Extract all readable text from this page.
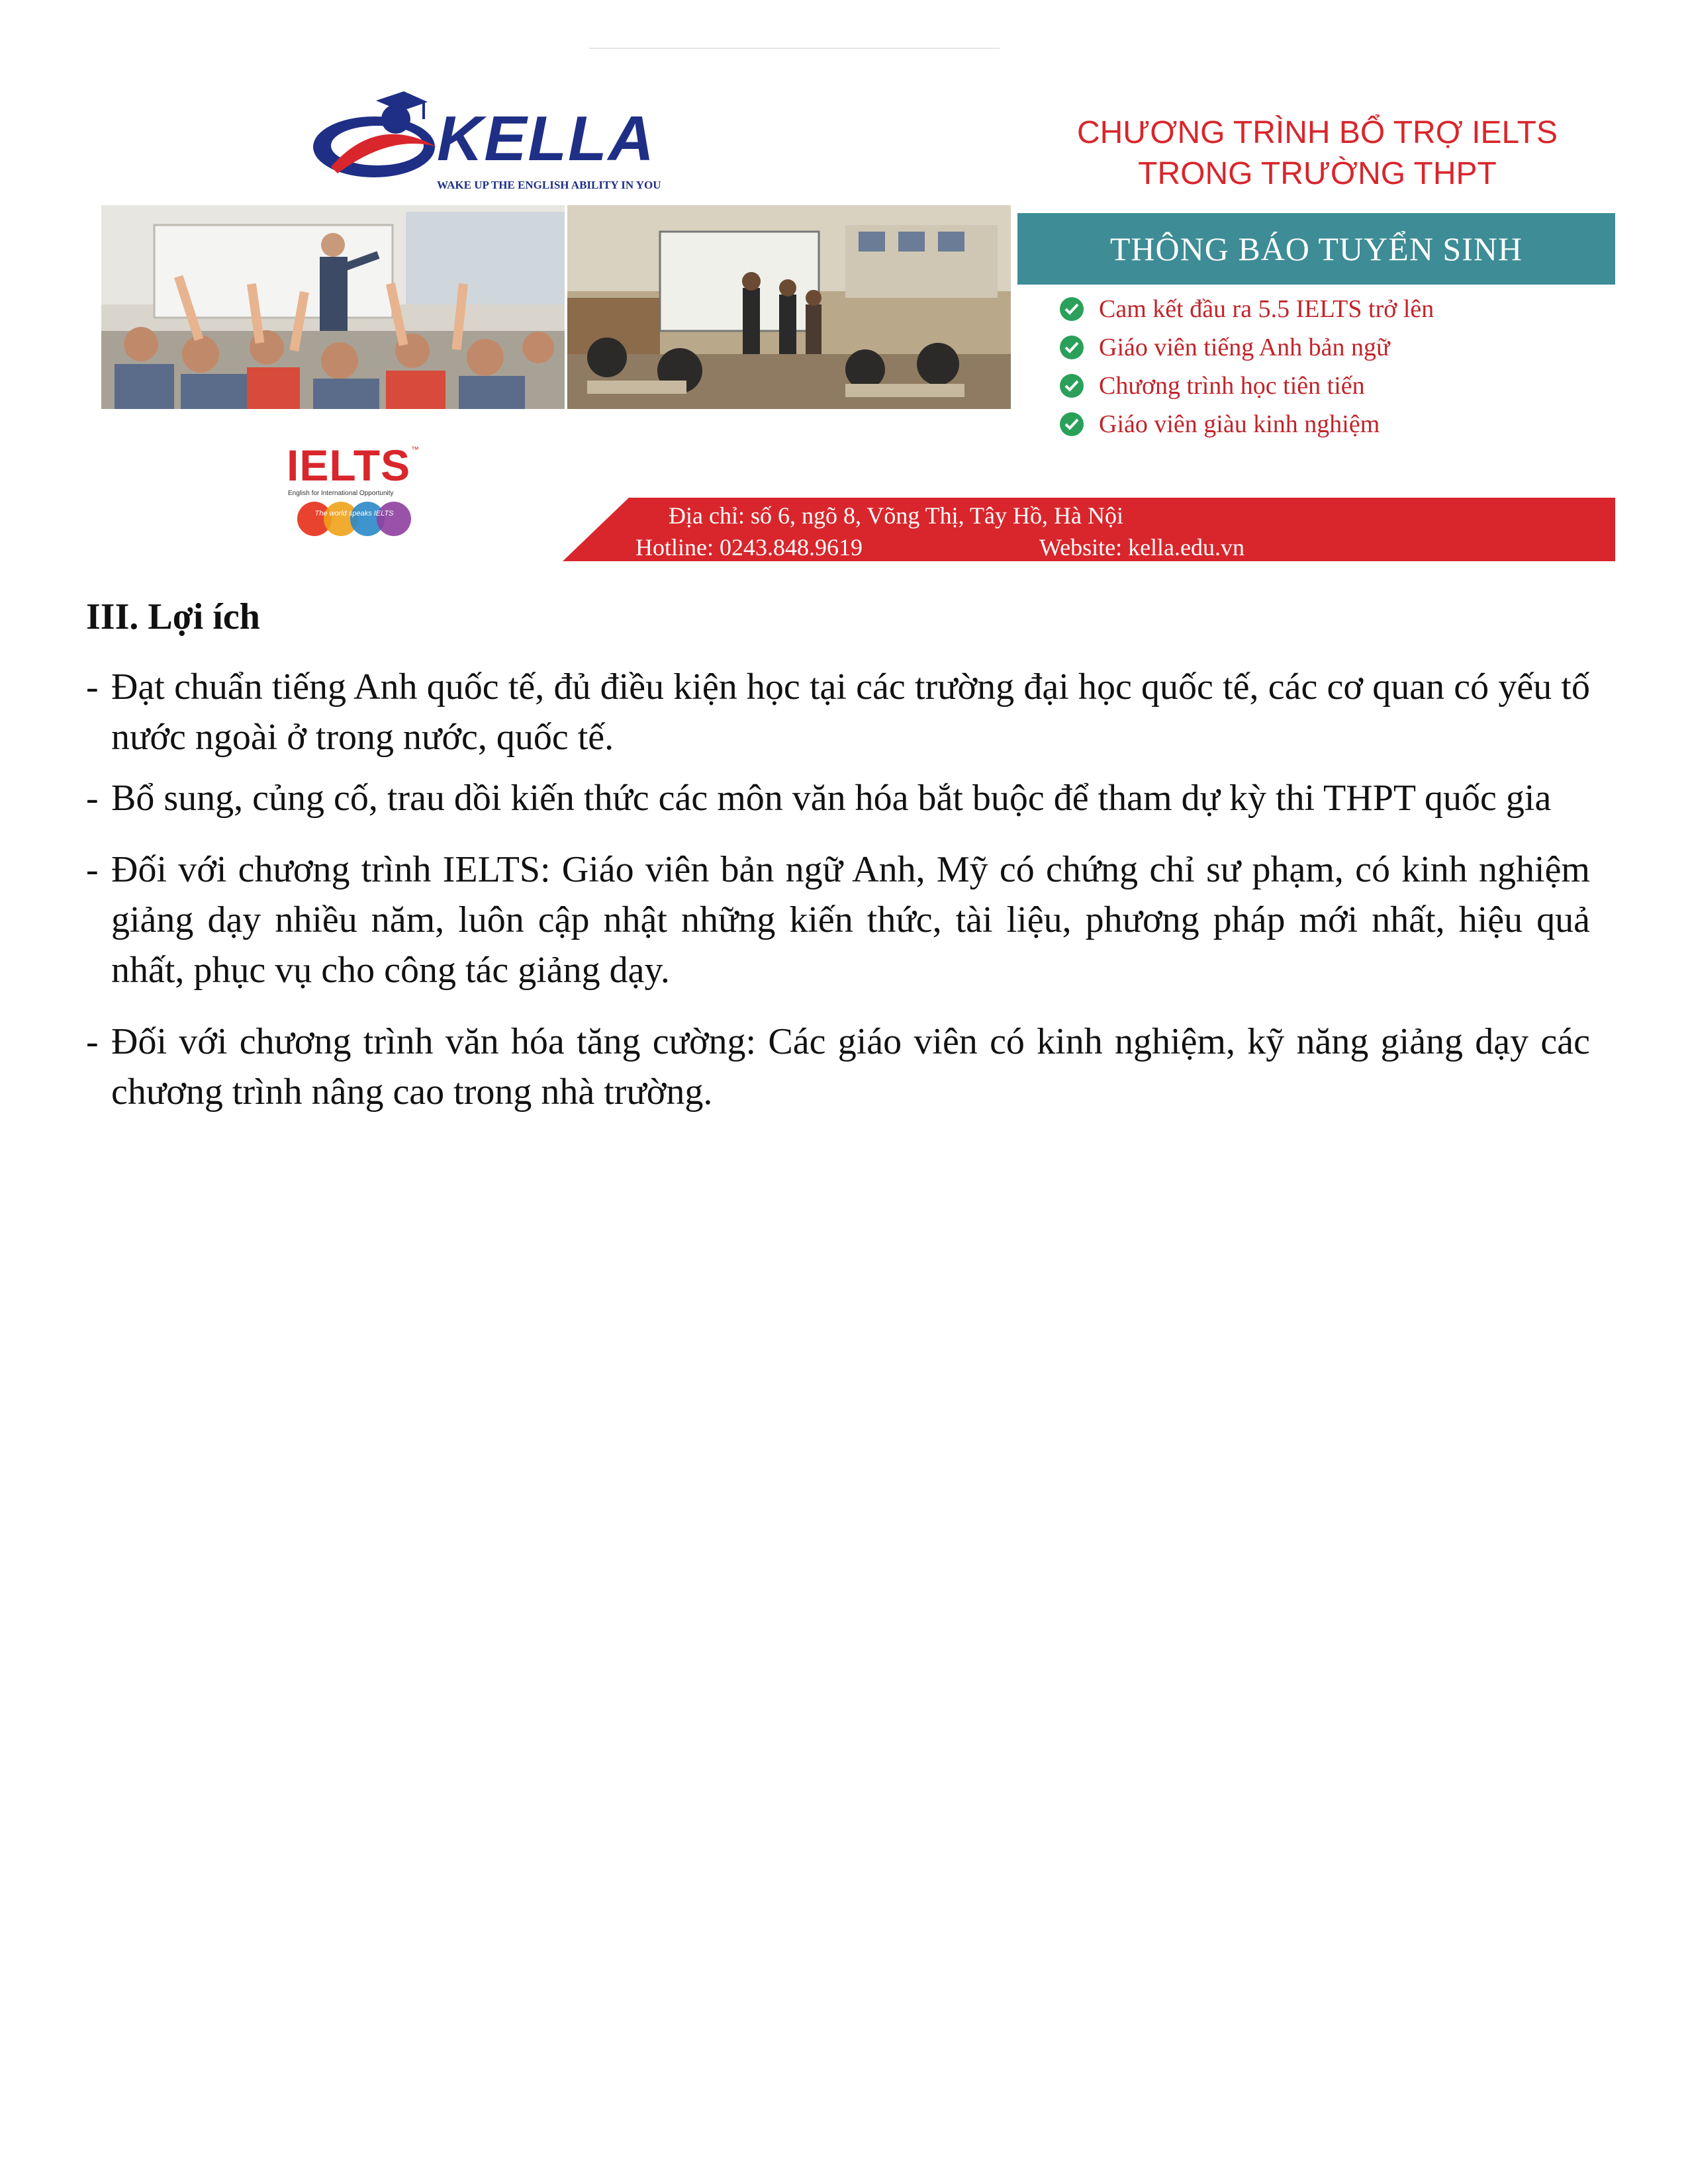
KELLA
WAKE UP THE ENGLISH ABILITY IN YOU
CHƯƠNG TRÌNH BỔ TRỢ IELTS
TRONG TRƯỜNG THPT
THÔNG BÁO TUYỂN SINH
Cam kết đầu ra 5.5 IELTS trở lên
Giáo viên tiếng Anh bản ngữ
Chương trình học tiên tiến
Giáo viên giàu kinh nghiệm
IELTS ™
English for International Opportunity
The world speaks IELTS	Địa chỉ: số 6, ngõ 8, Võng Thị, Tây Hồ, Hà Nội
Hotline: 0243.848.9619	Website: kella.edu.vn
III. Lợi ích
- Đạt chuẩn tiếng Anh quốc tế, đủ điều kiện học tại các trường đại học quốc tế, các cơ quan có yếu tố nước ngoài ở trong nước, quốc tế.
- Bổ sung, củng cố, trau dồi kiến thức các môn văn hóa bắt buộc để tham dự kỳ thi THPT quốc gia
- Đối với chương trình IELTS: Giáo viên bản ngữ Anh, Mỹ có chứng chỉ sư phạm, có kinh nghiệm giảng dạy nhiều năm, luôn cập nhật những kiến thức, tài liệu, phương pháp mới nhất, hiệu quả nhất, phục vụ cho công tác giảng dạy.
- Đối với chương trình văn hóa tăng cường: Các giáo viên có kinh nghiệm, kỹ năng giảng dạy các chương trình nâng cao trong nhà trường.
